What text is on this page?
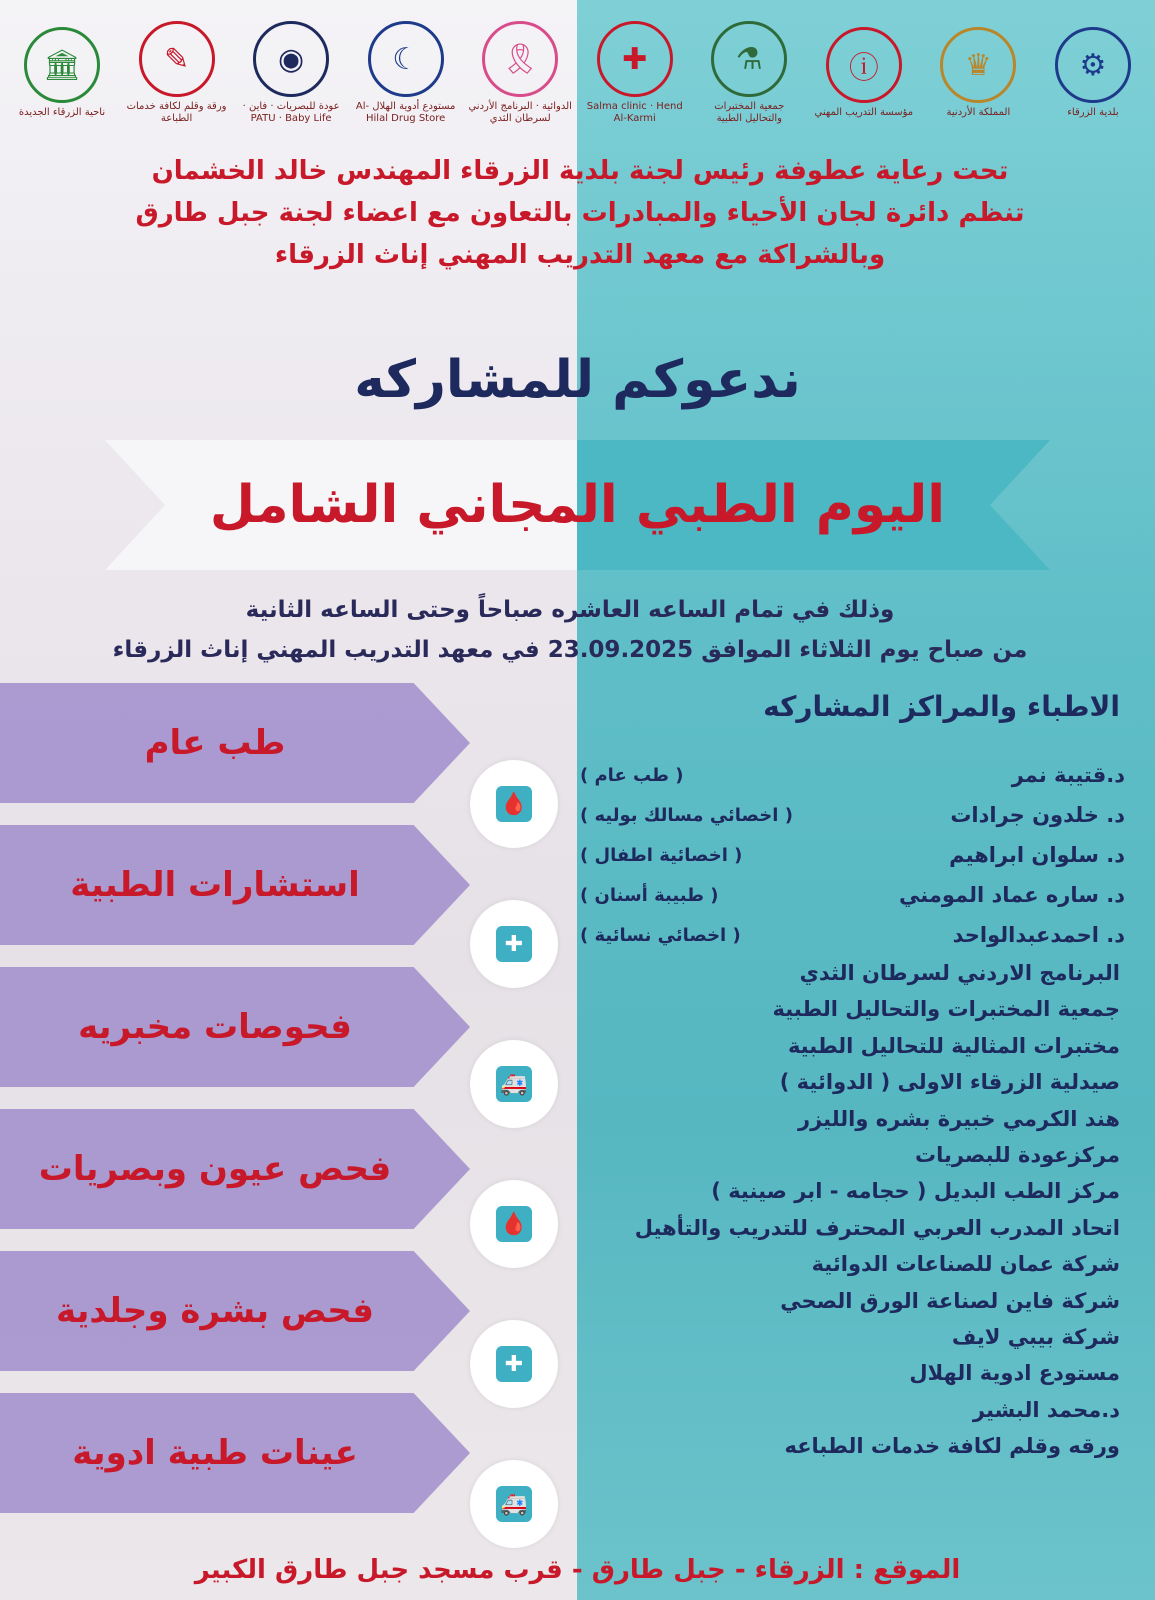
🏛
ناحية الزرقاء الجديدة
✎
ورقة وقلم لكافة خدمات الطباعة
◉
عودة للبصريات · فاين · PATU · Baby Life
☾
مستودع أدوية الهلال Al-Hilal Drug Store
🎗
الدوائية · البرنامج الأردني لسرطان الثدي
✚
Salma clinic · Hend Al-Karmi
⚗
جمعية المختبرات والتحاليل الطبية
ⓘ
مؤسسة التدريب المهني
♛
المملكة الأردنية
⚙
بلدية الزرقاء
تحت رعاية عطوفة رئيس لجنة بلدية الزرقاء المهندس خالد الخشمان
تنظم دائرة لجان الأحياء والمبادرات بالتعاون مع اعضاء لجنة جبل طارق
وبالشراكة مع معهد التدريب المهني إناث الزرقاء
ندعوكم للمشاركه
اليوم الطبي المجاني الشامل
وذلك في تمام الساعه العاشره صباحاً وحتى الساعه الثانية
من صباح يوم الثلاثاء الموافق 23.09.2025 في معهد التدريب المهني إناث الزرقاء
طب عام
استشارات الطبية
فحوصات مخبريه
فحص عيون وبصريات
فحص بشرة وجلدية
عينات طبية ادوية
🩸
✚
🚑
🩸
✚
🚑
الاطباء والمراكز المشاركه
د.قتيبة نمر
( طب عام )
د. خلدون جرادات
( اخصائي مسالك بوليه )
د. سلوان ابراهيم
( اخصائية اطفال )
د. ساره عماد المومني
( طبيبة أسنان )
د. احمدعبدالواحد
( اخصائي نسائية )
البرنامج الاردني لسرطان الثدي
جمعية المختبرات والتحاليل الطبية
مختبرات المثالية للتحاليل الطبية
صيدلية الزرقاء الاولى ( الدوائية )
هند الكرمي خبيرة بشره والليزر
مركزعودة للبصريات
مركز الطب البديل ( حجامه - ابر صينية )
اتحاد المدرب العربي المحترف للتدريب والتأهيل
شركة عمان للصناعات الدوائية
شركة فاين لصناعة الورق الصحي
شركة بيبي لايف
مستودع ادوية الهلال
د.محمد البشير
ورقه وقلم لكافة خدمات الطباعه
الموقع : الزرقاء - جبل طارق - قرب مسجد جبل طارق الكبير
